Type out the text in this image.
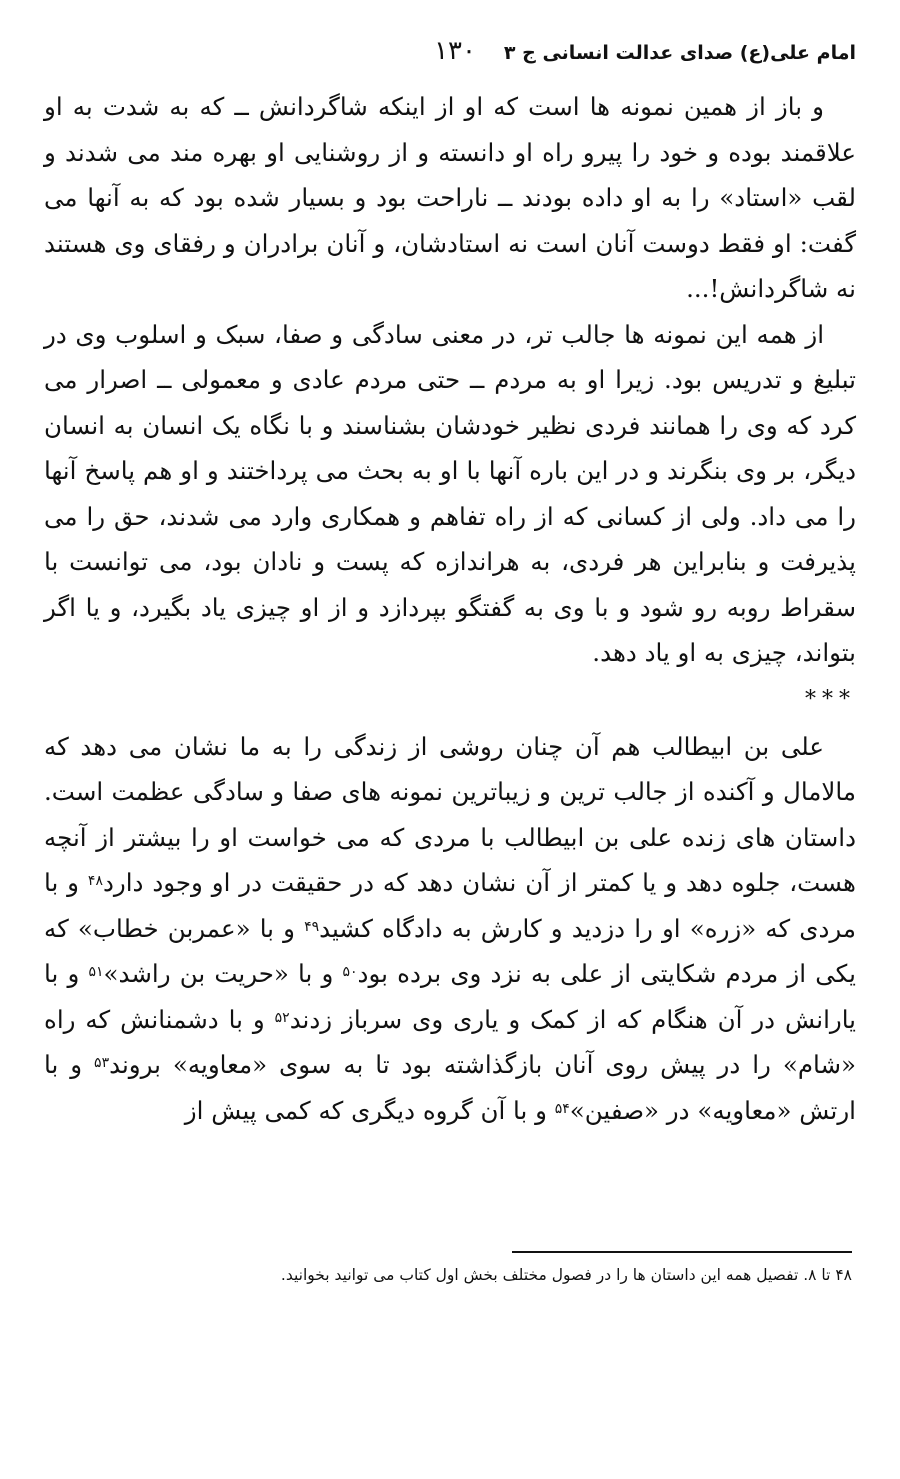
امام علی(ع) صدای عدالت انسانی ج ۳
۱۳۰

و باز از همین نمونه ها است که او از اینکه شاگردانش ــ که به شدت به او علاقمند بوده و خود را پیرو راه او دانسته و از روشنایی او بهره مند می شدند و لقب «استاد» را به او داده بودند ــ ناراحت بود و بسیار شده بود که به آنها می گفت: او فقط دوست آنان است نه استادشان، و آنان برادران و رفقای وی هستند نه شاگردانش!...

از همه این نمونه ها جالب تر، در معنی سادگی و صفا، سبک و اسلوب وی در تبلیغ و تدریس بود. زیرا او به مردم ــ حتی مردم عادی و معمولی ــ اصرار می کرد که وی را همانند فردی نظیر خودشان بشناسند و با نگاه یک انسان به انسان دیگر، بر وی بنگرند و در این باره آنها با او به بحث می پرداختند و او هم پاسخ آنها را می داد. ولی از کسانی که از راه تفاهم و همکاری وارد می شدند، حق را می پذیرفت و بنابراین هر فردی، به هراندازه که پست و نادان بود، می توانست با سقراط روبه رو شود و با وی به گفتگو بپردازد و از او چیزی یاد بگیرد، و یا اگر بتواند، چیزی به او یاد دهد.

***

علی بن ابیطالب هم آن چنان روشی از زندگی را به ما نشان می دهد که مالامال و آکنده از جالب ترین و زیباترین نمونه های صفا و سادگی عظمت است. داستان های زنده علی بن ابیطالب با مردی که می خواست او را بیشتر از آنچه هست، جلوه دهد و یا کمتر از آن نشان دهد که در حقیقت در او وجود دارد$^{۴۸}$ و با مردی که «زره» او را دزدید و کارش به دادگاه کشید$^{۴۹}$ و با «عمربن خطاب» که یکی از مردم شکایتی از علی به نزد وی برده بود$^{۵۰}$ و با «حریت بن راشد»$^{۵۱}$ و با یارانش در آن هنگام که از کمک و یاری وی سرباز زدند$^{۵۲}$ و با دشمنانش که راه «شام» را در پیش روی آنان بازگذاشته بود تا به سوی «معاویه» بروند$^{۵۳}$ و با ارتش «معاویه» در «صفین»$^{۵۴}$ و با آن گروه دیگری که کمی پیش از

۴۸ تا ۸. تفصیل همه این داستان ها را در فصول مختلف بخش اول کتاب می توانید بخوانید.
